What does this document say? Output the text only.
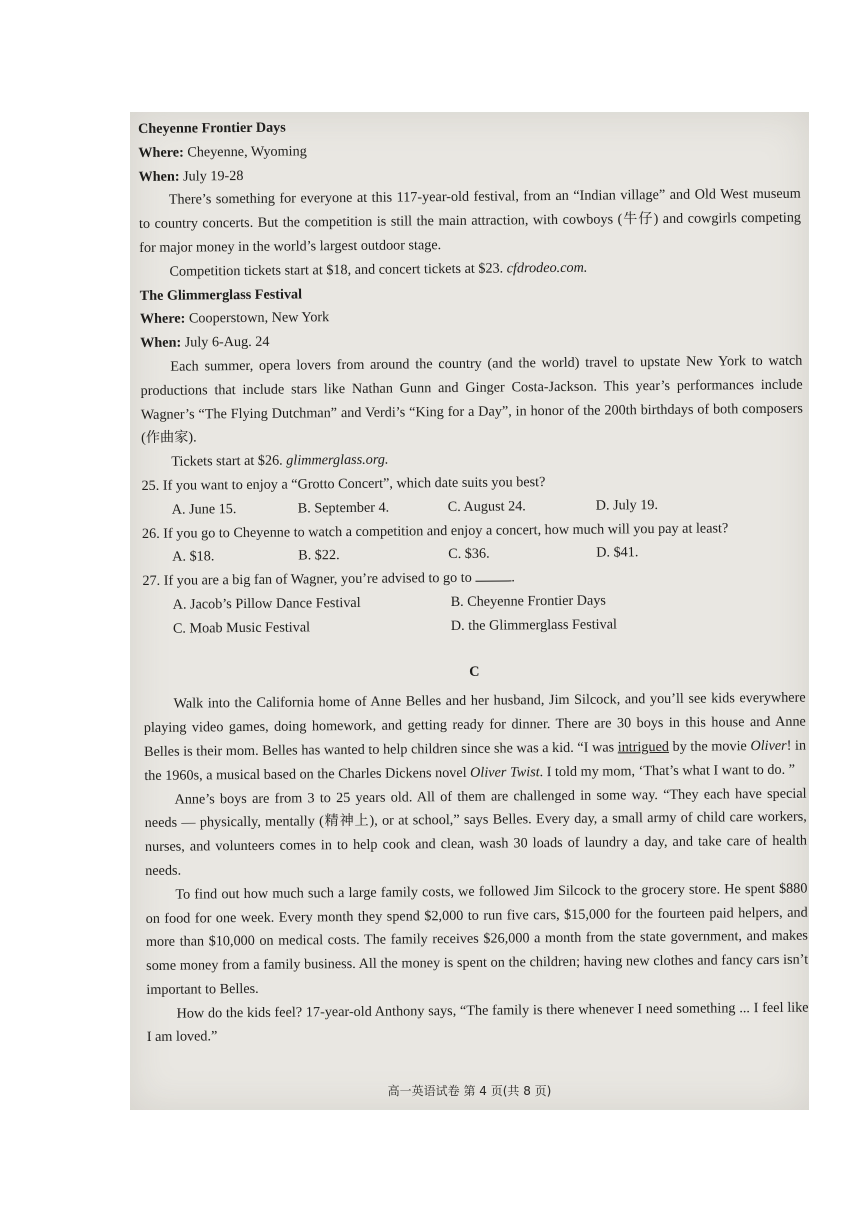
Cheyenne Frontier Days
Where: Cheyenne, Wyoming
When: July 19-28

There’s something for everyone at this 117-year-old festival, from an “Indian village” and Old West museum to country concerts. But the competition is still the main attraction, with cowboys (牛仔) and cowgirls competing for major money in the world’s largest outdoor stage.

Competition tickets start at $18, and concert tickets at $23. cfdrodeo.com.

The Glimmerglass Festival
Where: Cooperstown, New York
When: July 6-Aug. 24

Each summer, opera lovers from around the country (and the world) travel to upstate New York to watch productions that include stars like Nathan Gunn and Ginger Costa-Jackson. This year’s performances include Wagner’s “The Flying Dutchman” and Verdi’s “King for a Day”, in honor of the 200th birthdays of both composers (作曲家).

Tickets start at $26. glimmerglass.org.

25. If you want to enjoy a “Grotto Concert”, which date suits you best?
A. June 15.	B. September 4.	C. August 24.	D. July 19.
26. If you go to Cheyenne to watch a competition and enjoy a concert, how much will you pay at least?
A. $18.	B. $22.	C. $36.	D. $41.
27. If you are a big fan of Wagner, you’re advised to go to	.
A. Jacob’s Pillow Dance Festival	B. Cheyenne Frontier Days
C. Moab Music Festival	D. the Glimmerglass Festival
C

Walk into the California home of Anne Belles and her husband, Jim Silcock, and you’ll see kids everywhere playing video games, doing homework, and getting ready for dinner. There are 30 boys in this house and Anne Belles is their mom. Belles has wanted to help children since she was a kid. “I was intrigued by the movie Oliver! in the 1960s, a musical based on the Charles Dickens novel Oliver Twist. I told my mom, ‘That’s what I want to do. ”

Anne’s boys are from 3 to 25 years old. All of them are challenged in some way. “They each have special needs — physically, mentally (精神上), or at school,” says Belles. Every day, a small army of child care workers, nurses, and volunteers comes in to help cook and clean, wash 30 loads of laundry a day, and take care of health needs.

To find out how much such a large family costs, we followed Jim Silcock to the grocery store. He spent $880 on food for one week. Every month they spend $2,000 to run five cars, $15,000 for the fourteen paid helpers, and more than $10,000 on medical costs. The family receives $26,000 a month from the state government, and makes some money from a family business. All the money is spent on the children; having new clothes and fancy cars isn’t important to Belles.

How do the kids feel? 17-year-old Anthony says, “The family is there whenever I need something ... I feel like I am loved.”

高一英语试卷 第 4 页(共 8 页)
